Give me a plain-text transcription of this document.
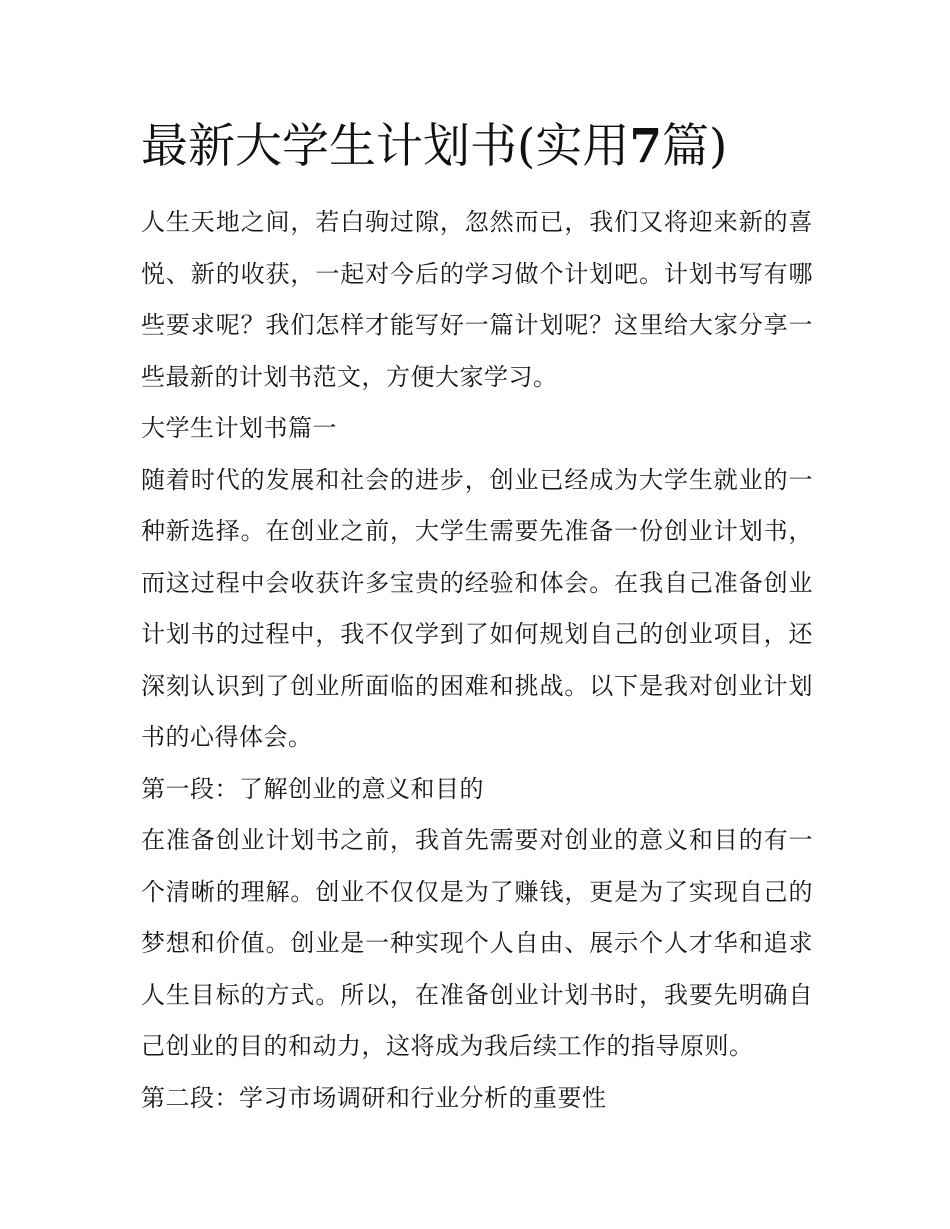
最新大学生计划书(实用7篇)

人生天地之间，若白驹过隙，忽然而已，我们又将迎来新的喜悦、新的收获，一起对今后的学习做个计划吧。计划书写有哪些要求呢？我们怎样才能写好一篇计划呢？这里给大家分享一些最新的计划书范文，方便大家学习。

大学生计划书篇一

随着时代的发展和社会的进步，创业已经成为大学生就业的一种新选择。在创业之前，大学生需要先准备一份创业计划书，而这过程中会收获许多宝贵的经验和体会。在我自己准备创业计划书的过程中，我不仅学到了如何规划自己的创业项目，还深刻认识到了创业所面临的困难和挑战。以下是我对创业计划书的心得体会。

第一段：了解创业的意义和目的

在准备创业计划书之前，我首先需要对创业的意义和目的有一个清晰的理解。创业不仅仅是为了赚钱，更是为了实现自己的梦想和价值。创业是一种实现个人自由、展示个人才华和追求人生目标的方式。所以，在准备创业计划书时，我要先明确自己创业的目的和动力，这将成为我后续工作的指导原则。

第二段：学习市场调研和行业分析的重要性
